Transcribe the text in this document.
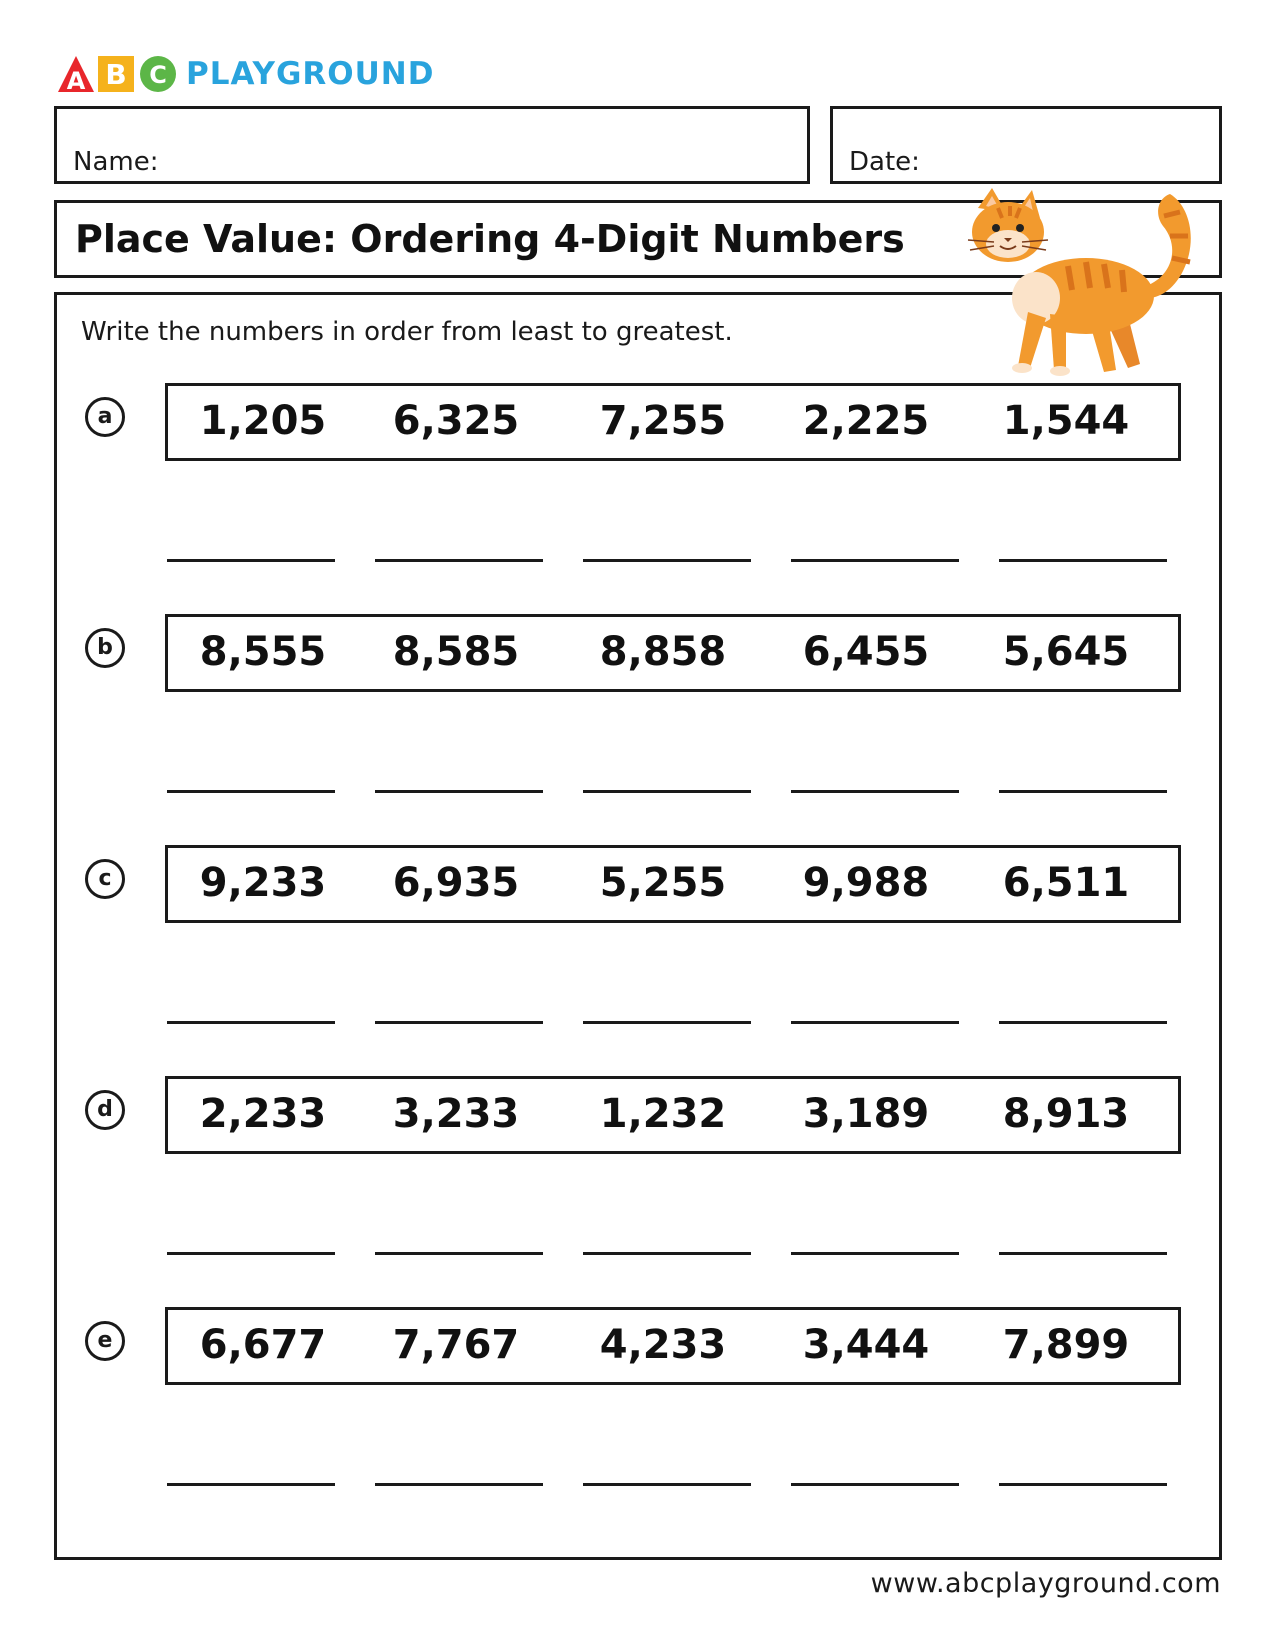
A B C PLAYGROUND
Name:	Date:
Place Value: Ordering 4-Digit Numbers
Write the numbers in order from least to greatest.
a	1,205 6,325 7,255 2,225 1,544
b	8,555 8,585 8,858 6,455 5,645
c	9,233 6,935 5,255 9,988 6,511
d	2,233 3,233 1,232 3,189 8,913
e	6,677 7,767 4,233 3,444 7,899
www.abcplayground.com
